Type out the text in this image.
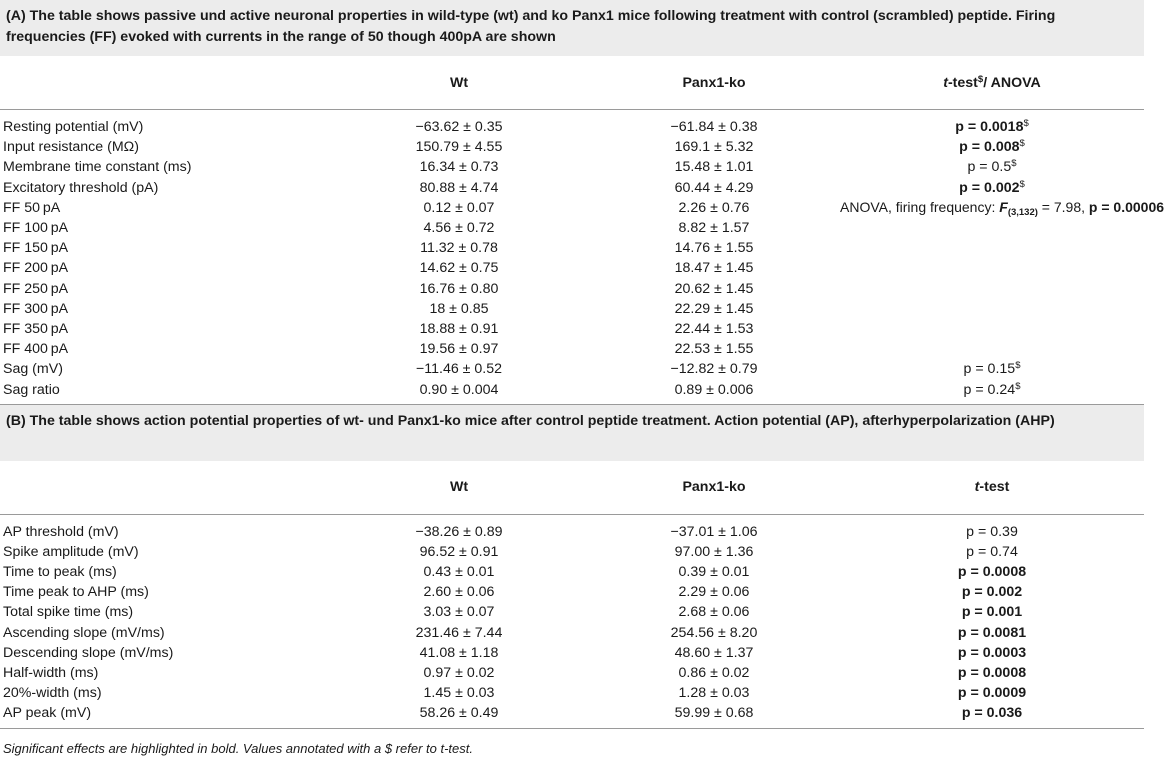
(A) The table shows passive und active neuronal properties in wild-type (wt) and ko Panx1 mice following treatment with control (scrambled) peptide. Firing frequencies (FF) evoked with currents in the range of 50 though 400pA are shown
Wt	Panx1-ko	t-test$/ ANOVA
Resting potential (mV)	−63.62 ± 0.35	−61.84 ± 0.38	p = 0.0018$
Input resistance (MΩ)	150.79 ± 4.55	169.1 ± 5.32	p = 0.008$
Membrane time constant (ms)	16.34 ± 0.73	15.48 ± 1.01	p = 0.5$
Excitatory threshold (pA)	80.88 ± 4.74	60.44 ± 4.29	p = 0.002$
FF 50 pA	0.12 ± 0.07	2.26 ± 0.76	ANOVA, firing frequency: $F_{(3,132)} = 7.98$, p = 0.00006
FF 100 pA	4.56 ± 0.72	8.82 ± 1.57
FF 150 pA	11.32 ± 0.78	14.76 ± 1.55
FF 200 pA	14.62 ± 0.75	18.47 ± 1.45
FF 250 pA	16.76 ± 0.80	20.62 ± 1.45
FF 300 pA	18 ± 0.85	22.29 ± 1.45
FF 350 pA	18.88 ± 0.91	22.44 ± 1.53
FF 400 pA	19.56 ± 0.97	22.53 ± 1.55
Sag (mV)	−11.46 ± 0.52	−12.82 ± 0.79	p = 0.15$
Sag ratio	0.90 ± 0.004	0.89 ± 0.006	p = 0.24$
(B) The table shows action potential properties of wt- und Panx1-ko mice after control peptide treatment. Action potential (AP), afterhyperpolarization (AHP)
Wt	Panx1-ko	t-test
AP threshold (mV)	−38.26 ± 0.89	−37.01 ± 1.06	p = 0.39
Spike amplitude (mV)	96.52 ± 0.91	97.00 ± 1.36	p = 0.74
Time to peak (ms)	0.43 ± 0.01	0.39 ± 0.01	p = 0.0008
Time peak to AHP (ms)	2.60 ± 0.06	2.29 ± 0.06	p = 0.002
Total spike time (ms)	3.03 ± 0.07	2.68 ± 0.06	p = 0.001
Ascending slope (mV/ms)	231.46 ± 7.44	254.56 ± 8.20	p = 0.0081
Descending slope (mV/ms)	41.08 ± 1.18	48.60 ± 1.37	p = 0.0003
Half-width (ms)	0.97 ± 0.02	0.86 ± 0.02	p = 0.0008
20%-width (ms)	1.45 ± 0.03	1.28 ± 0.03	p = 0.0009
AP peak (mV)	58.26 ± 0.49	59.99 ± 0.68	p = 0.036
Significant effects are highlighted in bold. Values annotated with a $ refer to t-test.
